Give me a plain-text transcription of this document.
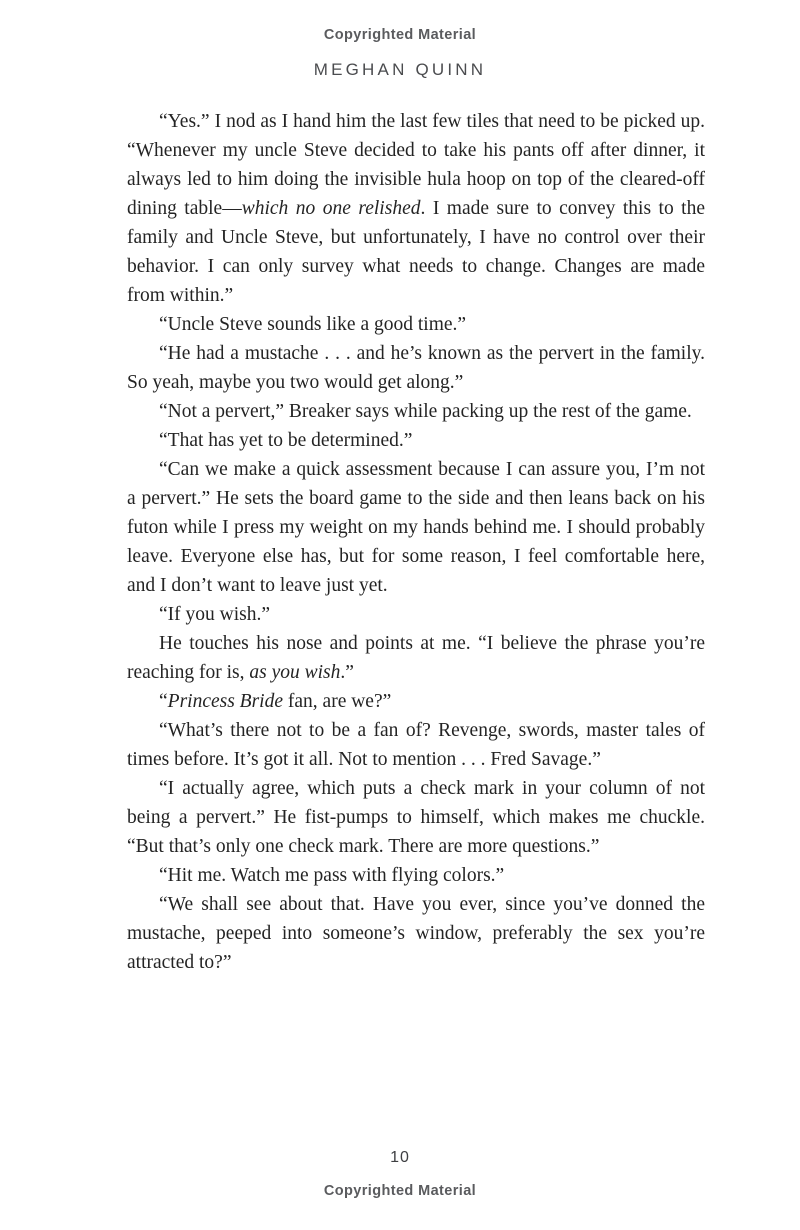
Copyrighted Material
MEGHAN QUINN

“Yes.” I nod as I hand him the last few tiles that need to be picked up. “Whenever my uncle Steve decided to take his pants off after dinner, it always led to him doing the invisible hula hoop on top of the cleared-off dining table—which no one relished. I made sure to convey this to the family and Uncle Steve, but unfortunately, I have no control over their behavior. I can only survey what needs to change. Changes are made from within.”

“Uncle Steve sounds like a good time.”

“He had a mustache . . . and he’s known as the pervert in the family. So yeah, maybe you two would get along.”

“Not a pervert,” Breaker says while packing up the rest of the game.

“That has yet to be determined.”

“Can we make a quick assessment because I can assure you, I’m not a pervert.” He sets the board game to the side and then leans back on his futon while I press my weight on my hands behind me. I should probably leave. Everyone else has, but for some reason, I feel comfortable here, and I don’t want to leave just yet.

“If you wish.”

He touches his nose and points at me. “I believe the phrase you’re reaching for is, as you wish.”

“Princess Bride fan, are we?”

“What’s there not to be a fan of? Revenge, swords, master tales of times before. It’s got it all. Not to mention . . . Fred Savage.”

“I actually agree, which puts a check mark in your column of not being a pervert.” He fist-pumps to himself, which makes me chuckle. “But that’s only one check mark. There are more questions.”

“Hit me. Watch me pass with flying colors.”

“We shall see about that. Have you ever, since you’ve donned the mustache, peeped into someone’s window, preferably the sex you’re attracted to?”

10
Copyrighted Material
